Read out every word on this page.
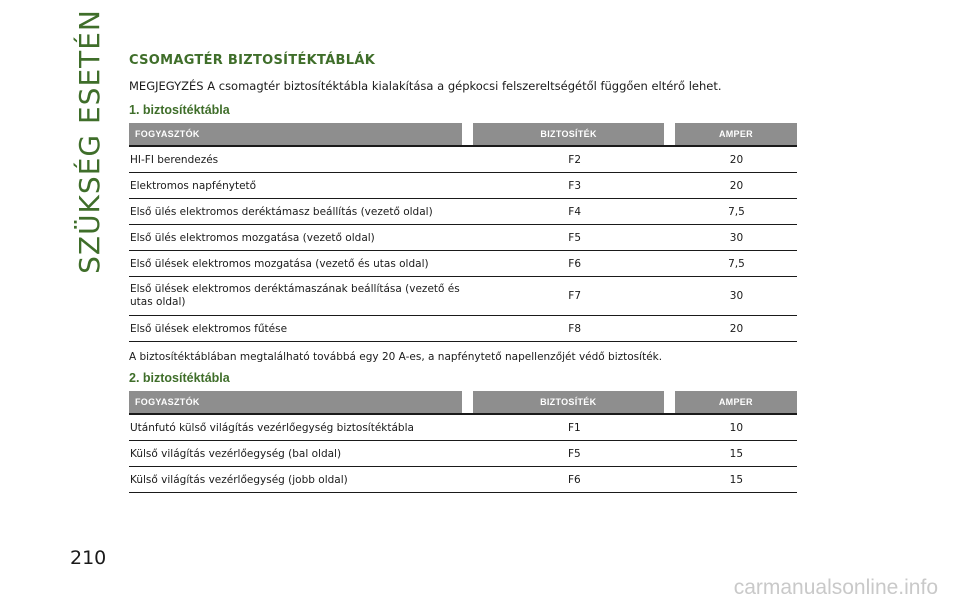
SZÜKSÉG ESETÉN
210
CSOMAGTÉR BIZTOSÍTÉKTÁBLÁK
MEGJEGYZÉS A csomagtér biztosítéktábla kialakítása a gépkocsi felszereltségétől függően eltérő lehet.
1. biztosítéktábla
FOGYASZTÓK		BIZTOSÍTÉK		AMPER
HI-FI berendezés		F2		20
Elektromos napfénytető		F3		20
Első ülés elektromos deréktámasz beállítás (vezető oldal)		F4		7,5
Első ülés elektromos mozgatása (vezető oldal)		F5		30
Első ülések elektromos mozgatása (vezető és utas oldal)		F6		7,5
Első ülések elektromos deréktámaszának beállítása (vezető és utas oldal)		F7		30
Első ülések elektromos fűtése		F8		20
A biztosítéktáblában megtalálható továbbá egy 20 A-es, a napfénytető napellenzőjét védő biztosíték.
2. biztosítéktábla
FOGYASZTÓK		BIZTOSÍTÉK		AMPER
Utánfutó külső világítás vezérlőegység biztosítéktábla		F1		10
Külső világítás vezérlőegység (bal oldal)		F5		15
Külső világítás vezérlőegység (jobb oldal)		F6		15
carmanualsonline.info
